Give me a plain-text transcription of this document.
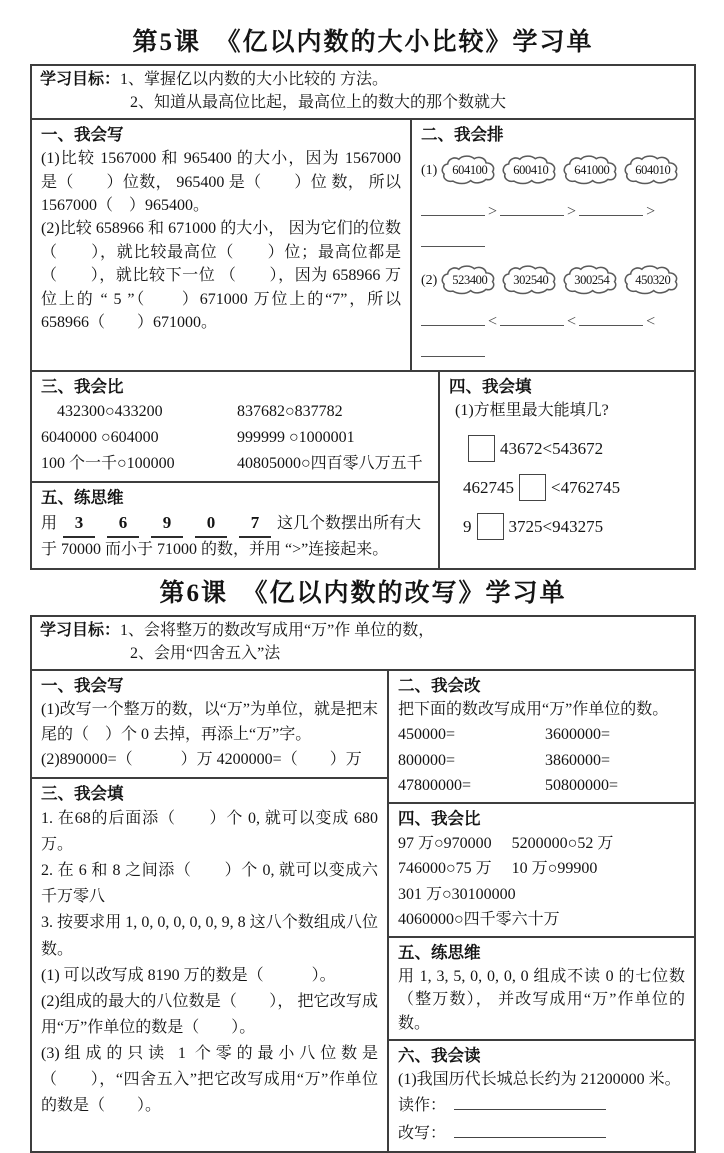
第5课　《亿以内数的大小比较》学习单
学习目标：1、掌握亿以内数的大小比较的 方法。
2、知道从最高位比起，最高位上的数大的那个数就大
一、我会写
(1)比较 1567000 和 965400 的大小，因为 1567000 是（　　）位数， 965400 是（　　）位 数， 所以 1567000（　）965400。
(2)比较 658966 和 671000 的大小， 因为它们的位数（　　），就比较最高位（　　）位；最高位都是（　　），就比较下一位 （　　），因为 658966 万位上的 “ 5 ”（　　）671000 万位上的“7”，所以 658966（　　）671000。
二、我会排
(1) 604100 600410 641000 604010
>	>	>
(2) 523400 302540 300254 450320
<	<	<
三、我会比
432300○433200	837682○837782
6040000 ○604000	999999 ○1000001
100 个一千○100000	40805000○四百零八万五千
五、练思维
用 3 6 9 0 7 这几个数摆出所有大于 70000 而小于 71000 的数，并用 “>”连接起来。
四、我会填
(1)方框里最大能填几?
43672<543672
462745 <4762745
9 3725<943275
第6课　《亿以内数的改写》学习单
学习目标：1、会将整万的数改写成用“万”作 单位的数，
2、会用“四舍五入”法
一、我会写
(1)改写一个整万的数，以“万”为单位，就是把末尾的（　）个 0 去掉，再添上“万”字。
(2)890000=（　　　）万 4200000=（　　）万
三、我会填
1. 在68的后面添（　　）个 0, 就可以变成 680 万。
2. 在 6 和 8 之间添（　　）个 0, 就可以变成六千万零八
3. 按要求用 1, 0, 0, 0, 0, 0, 9, 8 这八个数组成八位数。
(1) 可以改写成 8190 万的数是（　　　）。
(2)组成的最大的八位数是（　　）， 把它改写成用“万”作单位的数是（　　）。
(3)组成的只读 1 个零的最小八位数是（　　），“四舍五入”把它改写成用“万”作单位的数是（　　）。
二、我会改
把下面的数改写成用“万”作单位的数。
450000=	3600000=
800000=	3860000=
47800000=	50800000=
四、我会比
97 万○970000　 5200000○52 万
746000○75 万　 10 万○99900
301 万○30100000
4060000○四千零六十万
五、练思维
用 1, 3, 5, 0, 0, 0, 0 组成不读 0 的七位数（整万数）， 并改写成用“万”作单位的数。
六、我会读
(1)我国历代长城总长约为 21200000 米。
读作：
改写：
